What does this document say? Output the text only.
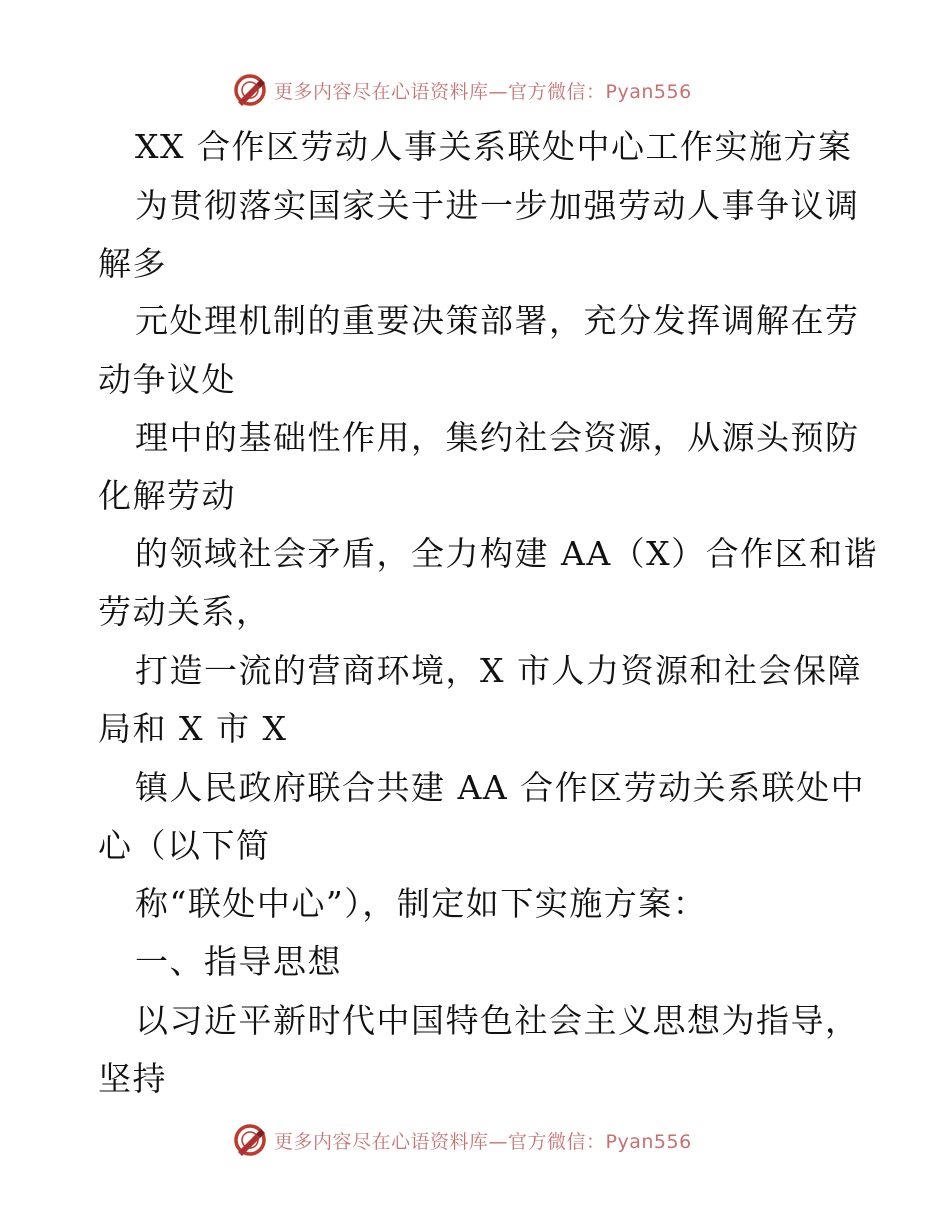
更多内容尽在心语资料库—官方微信：Pyan556
XX 合作区劳动人事关系联处中心工作实施方案
为贯彻落实国家关于进一步加强劳动人事争议调
解多
元处理机制的重要决策部署，充分发挥调解在劳
动争议处
理中的基础性作用，集约社会资源，从源头预防
化解劳动
的领域社会矛盾，全力构建 AA（X）合作区和谐
劳动关系，
打造一流的营商环境，X 市人力资源和社会保障
局和 X 市 X
镇人民政府联合共建 AA 合作区劳动关系联处中
心（以下简
称“联处中心”），制定如下实施方案：
一、指导思想
以习近平新时代中国特色社会主义思想为指导，
坚持
更多内容尽在心语资料库—官方微信：Pyan556
